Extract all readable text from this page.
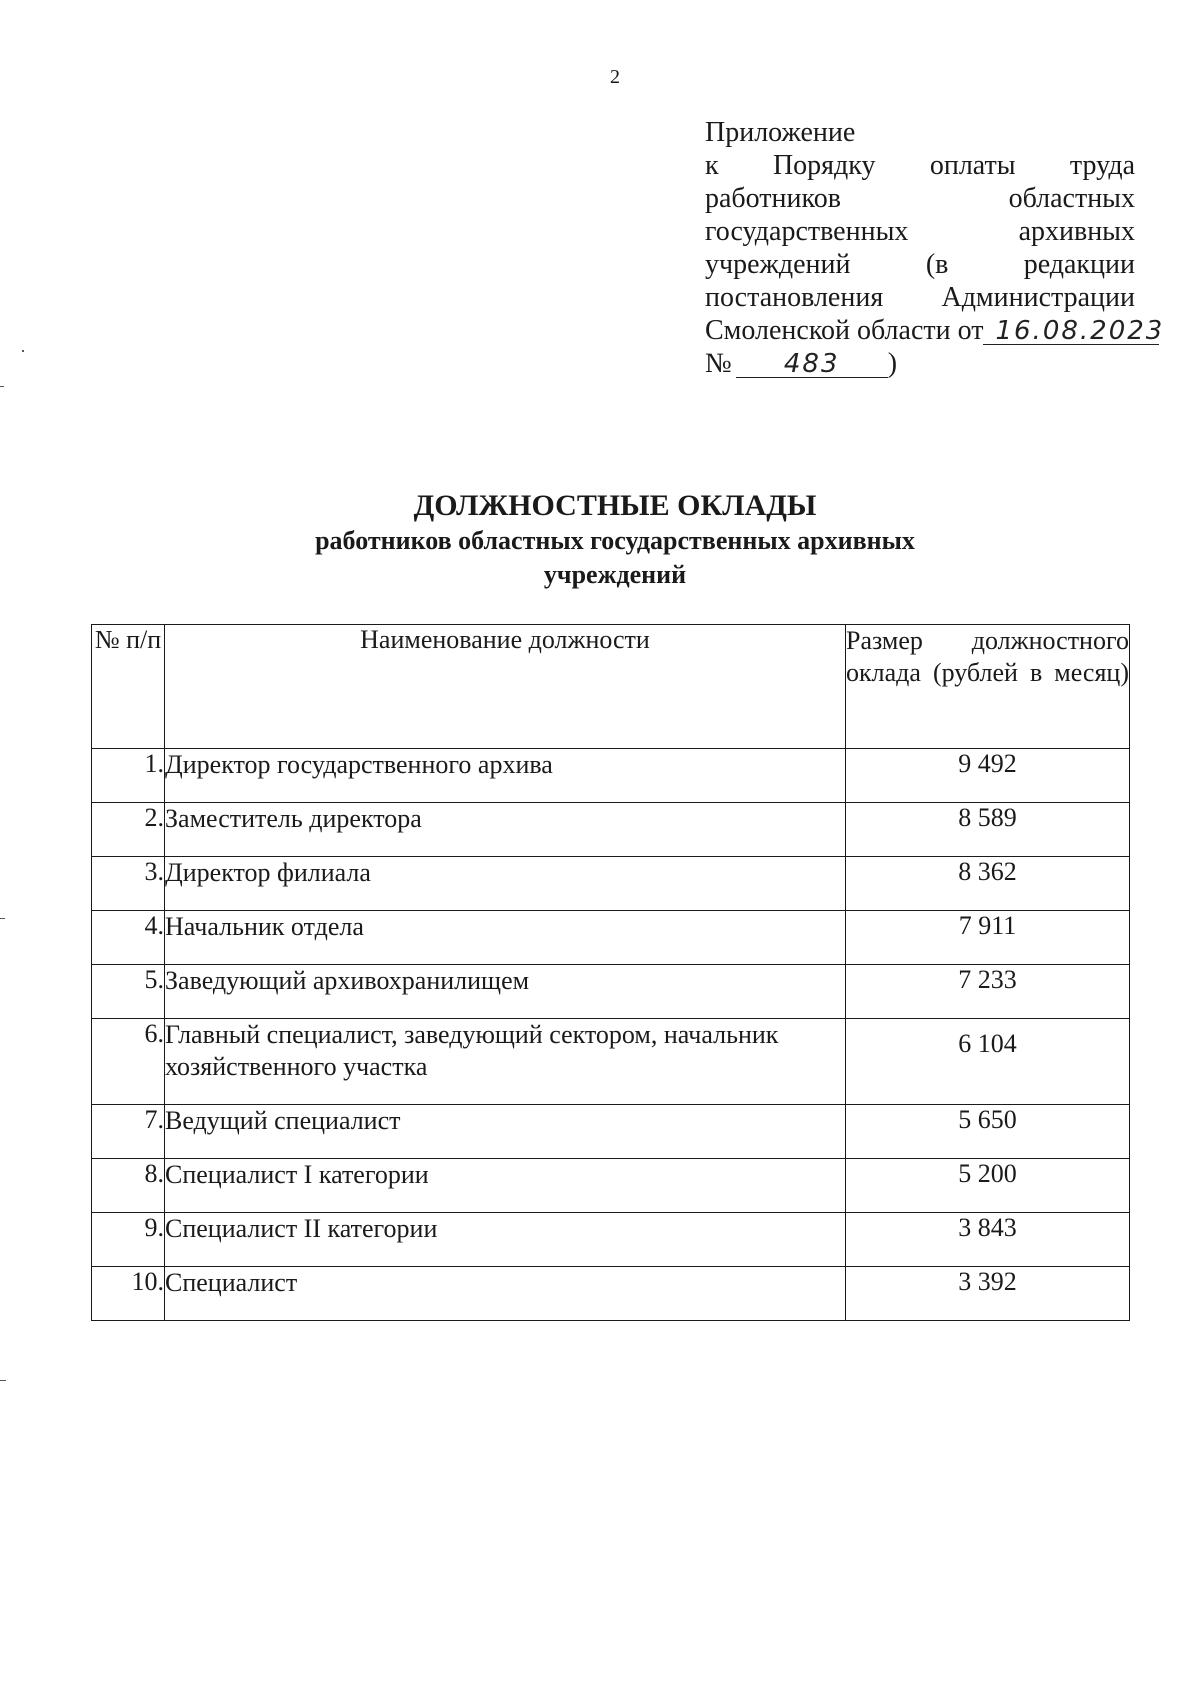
2
Приложение
к Порядку оплаты труда
работников	областных
государственных	архивных
учреждений	(в	редакции
постановления Администрации
Смоленской области от 16.08.2023
№ 483 )
ДОЛЖНОСТНЫЕ ОКЛАДЫ
работников областных государственных архивных
учреждений
№ п/п	Наименование должности	Размер должностного оклада (рублей в месяц)
1.	Директор государственного архива	9 492
2.	Заместитель директора	8 589
3.	Директор филиала	8 362
4.	Начальник отдела	7 911
5.	Заведующий архивохранилищем	7 233
6.	Главный специалист, заведующий сектором, начальник хозяйственного участка	6 104
7.	Ведущий специалист	5 650
8.	Специалист I категории	5 200
9.	Специалист II категории	3 843
10.	Специалист	3 392
